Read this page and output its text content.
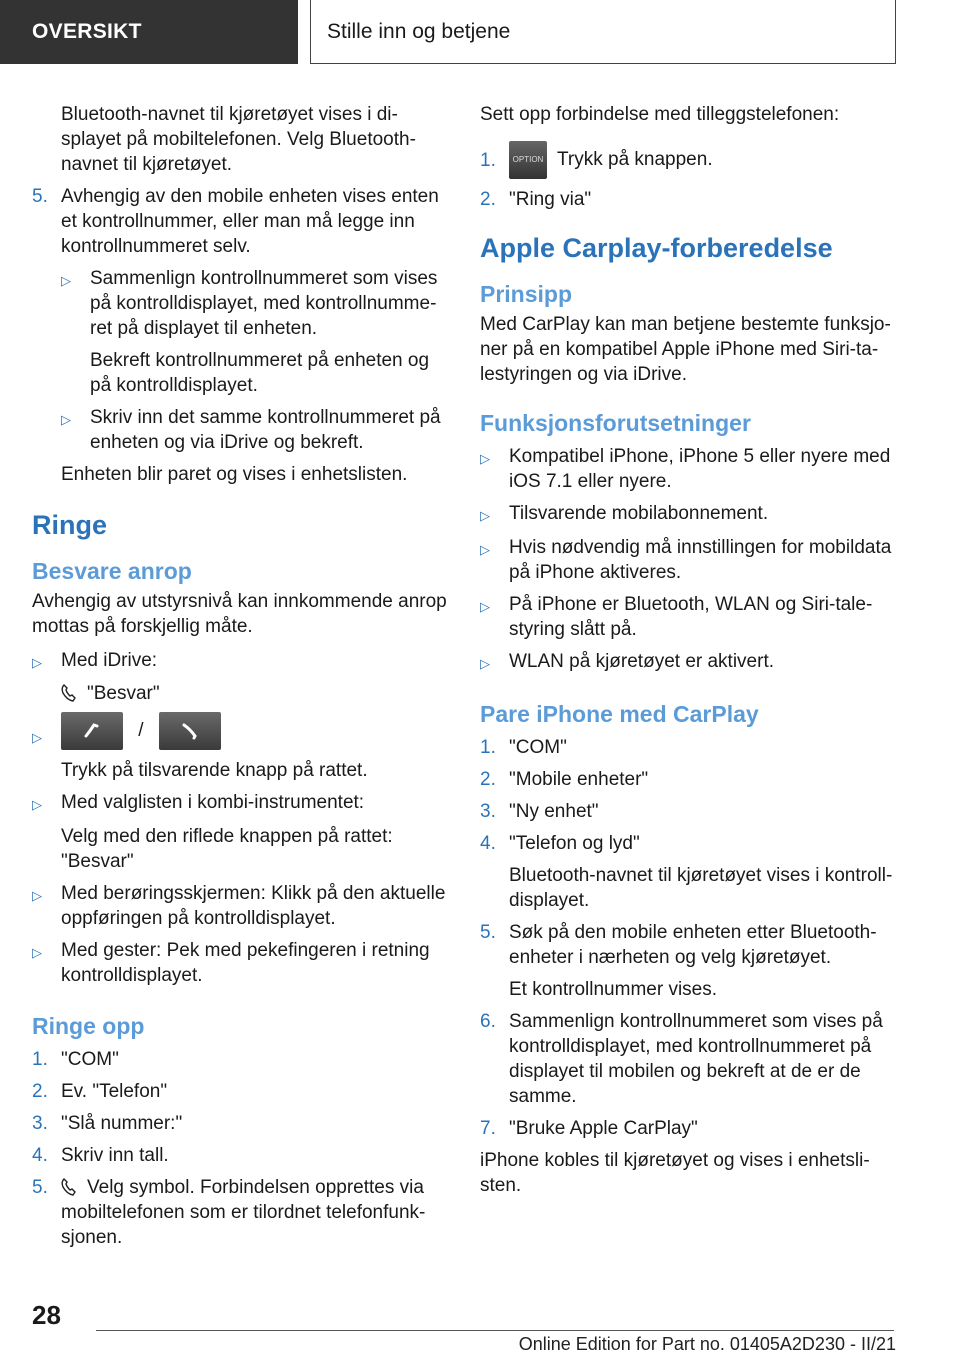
OVERSIKT	Stille inn og betjene

Bluetooth-navnet til kjøretøyet vises i displayet på mobiltelefonen. Velg Bluetooth-navnet til kjøretøyet.

5. Avhengig av den mobile enheten vises enten et kontrollnummer, eller man må legge inn kontrollnummeret selv.
▷	Sammenlign kontrollnummeret som vises på kontrolldisplayet, med kontrollnummeret på displayet til enheten.

Bekreft kontrollnummeret på enheten og på kontrolldisplayet.

▷	Skriv inn det samme kontrollnummeret på enheten og via iDrive og bekreft.

Enheten blir paret og vises i enhetslisten.

Ringe
Besvare anrop

Avhengig av utstyrsnivå kan innkommende anrop mottas på forskjellig måte.

▷	Med iDrive:

"Besvar"

▷	/

Trykk på tilsvarende knapp på rattet.

▷	Med valglisten i kombi-instrumentet:

Velg med den riflede knappen på rattet: "Besvar"

▷	Med berøringsskjermen: Klikk på den aktuelle oppføringen på kontrolldisplayet.
▷	Med gester: Pek med pekefingeren i retning kontrolldisplayet.
Ringe opp
1. "COM"
2. Ev. "Telefon"
3. "Slå nummer:"
4. Skriv inn tall.
5.	Velg symbol. Forbindelsen opprettes via mobiltelefonen som er tilordnet telefonfunksjonen.

Sett opp forbindelse med tilleggstelefonen:

1.	OPTION Trykk på knappen.
2. "Ring via"
Apple Carplay-forberedelse
Prinsipp

Med CarPlay kan man betjene bestemte funksjoner på en kompatibel Apple iPhone med Siri-talestyringen og via iDrive.

Funksjonsforutsetninger
▷	Kompatibel iPhone, iPhone 5 eller nyere med iOS 7.1 eller nyere.
▷	Tilsvarende mobilabonnement.
▷	Hvis nødvendig må innstillingen for mobildata på iPhone aktiveres.
▷	På iPhone er Bluetooth, WLAN og Siri-talestyring slått på.
▷	WLAN på kjøretøyet er aktivert.
Pare iPhone med CarPlay
1. "COM"
2. "Mobile enheter"
3. "Ny enhet"
4. "Telefon og lyd"

Bluetooth-navnet til kjøretøyet vises i kontrolldisplayet.

5. Søk på den mobile enheten etter Bluetooth-enheter i nærheten og velg kjøretøyet.

Et kontrollnummer vises.

6. Sammenlign kontrollnummeret som vises på kontrolldisplayet, med kontrollnummeret på displayet til mobilen og bekreft at de er de samme.
7. "Bruke Apple CarPlay"

iPhone kobles til kjøretøyet og vises i enhetslisten.

28
Online Edition for Part no. 01405A2D230 - II/21
